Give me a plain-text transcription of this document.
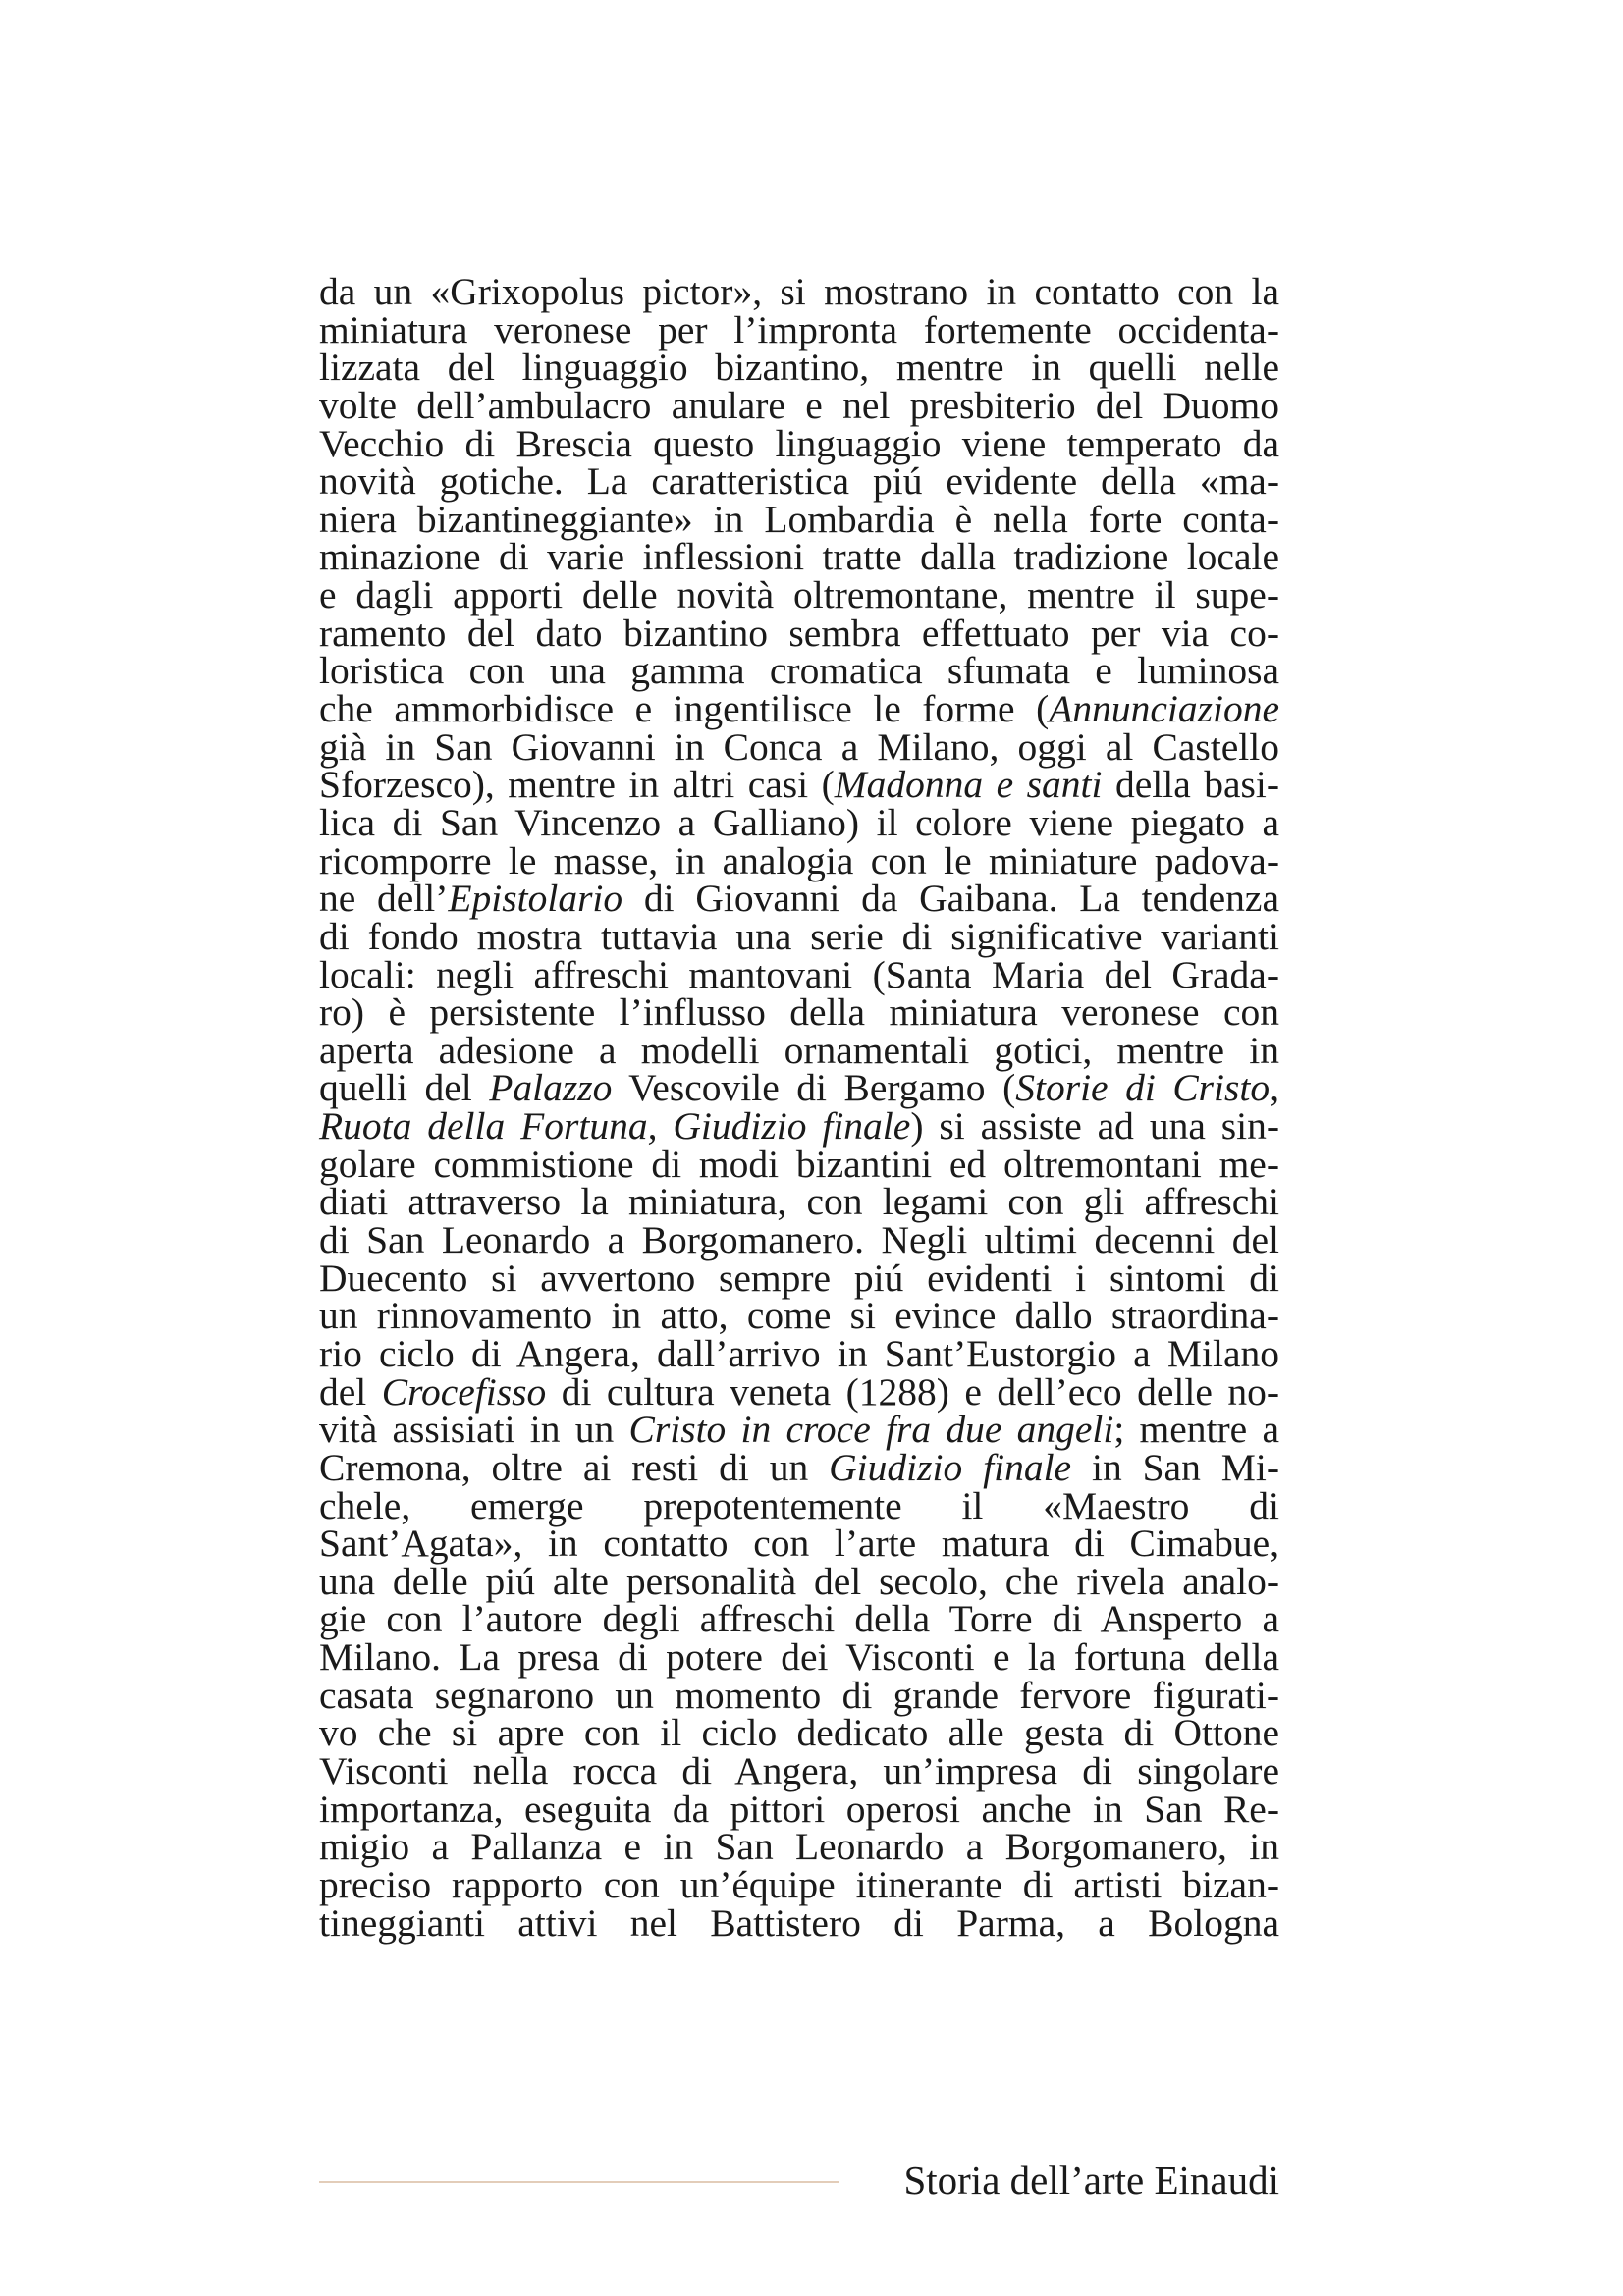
da un «Grixopolus pictor», si mostrano in contatto con la
miniatura veronese per l’impronta fortemente occidenta-
lizzata del linguaggio bizantino, mentre in quelli nelle
volte dell’ambulacro anulare e nel presbiterio del Duomo
Vecchio di Brescia questo linguaggio viene temperato da
novità gotiche. La caratteristica piú evidente della «ma-
niera bizantineggiante» in Lombardia è nella forte conta-
minazione di varie inflessioni tratte dalla tradizione locale
e dagli apporti delle novità oltremontane, mentre il supe-
ramento del dato bizantino sembra effettuato per via co-
loristica con una gamma cromatica sfumata e luminosa
che ammorbidisce e ingentilisce le forme (Annunciazione
già in San Giovanni in Conca a Milano, oggi al Castello
Sforzesco), mentre in altri casi (Madonna e santi della basi-
lica di San Vincenzo a Galliano) il colore viene piegato a
ricomporre le masse, in analogia con le miniature padova-
ne dell’Epistolario di Giovanni da Gaibana. La tendenza
di fondo mostra tuttavia una serie di significative varianti
locali: negli affreschi mantovani (Santa Maria del Grada-
ro) è persistente l’influsso della miniatura veronese con
aperta adesione a modelli ornamentali gotici, mentre in
quelli del Palazzo Vescovile di Bergamo (Storie di Cristo,
Ruota della Fortuna, Giudizio finale) si assiste ad una sin-
golare commistione di modi bizantini ed oltremontani me-
diati attraverso la miniatura, con legami con gli affreschi
di San Leonardo a Borgomanero. Negli ultimi decenni del
Duecento si avvertono sempre piú evidenti i sintomi di
un rinnovamento in atto, come si evince dallo straordina-
rio ciclo di Angera, dall’arrivo in Sant’Eustorgio a Milano
del Crocefisso di cultura veneta (1288) e dell’eco delle no-
vità assisiati in un Cristo in croce fra due angeli; mentre a
Cremona, oltre ai resti di un Giudizio finale in San Mi-
chele, emerge prepotentemente il «Maestro di
Sant’Agata», in contatto con l’arte matura di Cimabue,
una delle piú alte personalità del secolo, che rivela analo-
gie con l’autore degli affreschi della Torre di Ansperto a
Milano. La presa di potere dei Visconti e la fortuna della
casata segnarono un momento di grande fervore figurati-
vo che si apre con il ciclo dedicato alle gesta di Ottone
Visconti nella rocca di Angera, un’impresa di singolare
importanza, eseguita da pittori operosi anche in San Re-
migio a Pallanza e in San Leonardo a Borgomanero, in
preciso rapporto con un’équipe itinerante di artisti bizan-
tineggianti attivi nel Battistero di Parma, a Bologna
Storia dell’arte Einaudi
